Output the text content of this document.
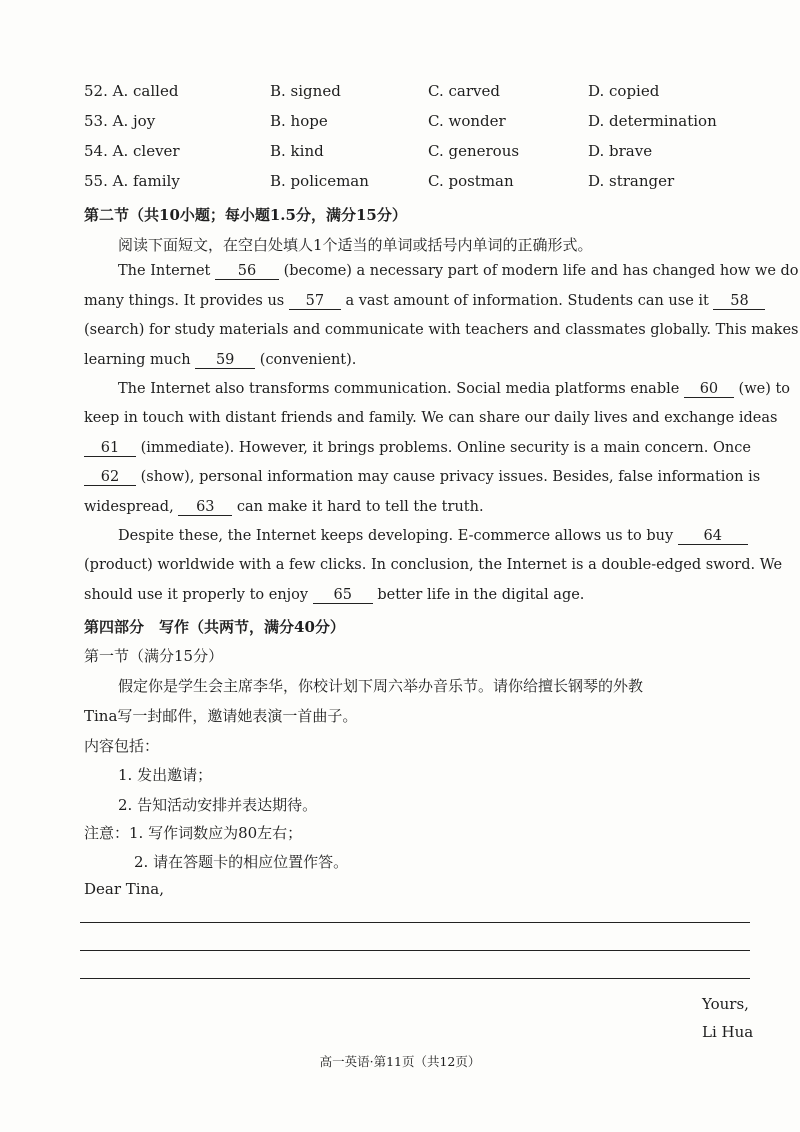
52. A. called	B. signed	C. carved	D. copied
53. A. joy	B. hope	C. wonder	D. determination
54. A. clever	B. kind	C. generous	D. brave
55. A. family	B. policeman	C. postman	D. stranger
第二节（共10小题；每小题1.5分，满分15分）
阅读下面短文，在空白处填人1个适当的单词或括号内单词的正确形式。
The Internet 56 (become) a necessary part of modern life and has changed how we do
many things. It provides us 57 a vast amount of information. Students can use it 58
(search) for study materials and communicate with teachers and classmates globally. This makes
learning much 59 (convenient).
The Internet also transforms communication. Social media platforms enable 60 (we) to
keep in touch with distant friends and family. We can share our daily lives and exchange ideas
61 (immediate). However, it brings problems. Online security is a main concern. Once
62 (show), personal information may cause privacy issues. Besides, false information is
widespread, 63 can make it hard to tell the truth.
Despite these, the Internet keeps developing. E-commerce allows us to buy 64
(product) worldwide with a few clicks. In conclusion, the Internet is a double-edged sword. We
should use it properly to enjoy 65 better life in the digital age.
第四部分　写作（共两节，满分40分）
第一节（满分15分）
假定你是学生会主席李华，你校计划下周六举办音乐节。请你给擅长钢琴的外教
Tina写一封邮件，邀请她表演一首曲子。
内容包括：
1. 发出邀请；
2. 告知活动安排并表达期待。
注意：1. 写作词数应为80左右；
2. 请在答题卡的相应位置作答。
Dear Tina,
Yours,
Li Hua
高一英语·第11页（共12页）
